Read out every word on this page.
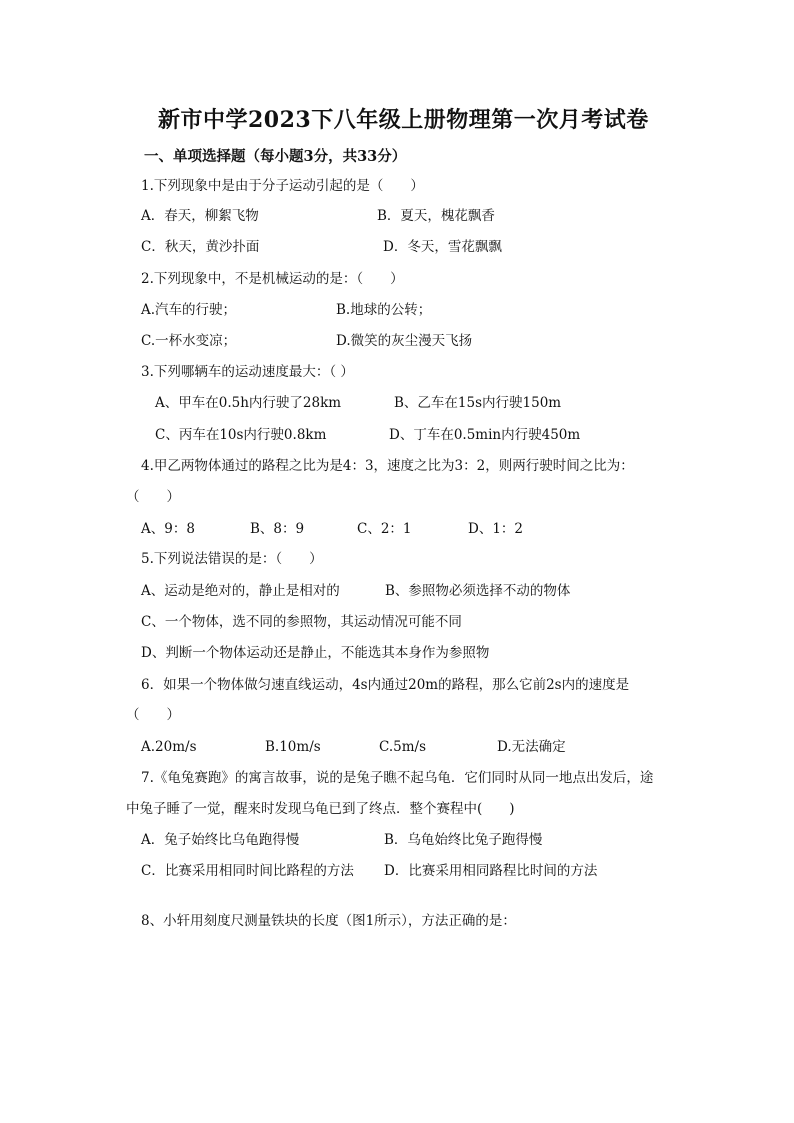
新市中学2023下八年级上册物理第一次月考试卷
一、单项选择题（每小题3分，共33分）
1.下列现象中是由于分子运动引起的是（　　）
A．春天，柳絮飞物	B．夏天，槐花飘香
C．秋天，黄沙扑面	D．冬天，雪花飘飘
2.下列现象中，不是机械运动的是：（　　）
A.汽车的行驶；	B.地球的公转；
C.一杯水变凉；	D.微笑的灰尘漫天飞扬
3.下列哪辆车的运动速度最大：（ ）
A、甲车在0.5h内行驶了28km	B、乙车在15s内行驶150m
C、丙车在10s内行驶0.8km	D、丁车在0.5min内行驶450m
4.甲乙两物体通过的路程之比为是4：3，速度之比为3：2，则两行驶时间之比为：
（　　）
A、9：8	B、8：9	C、2：1	D、1：2
5.下列说法错误的是：（　　）
A、运动是绝对的，静止是相对的	B、参照物必须选择不动的物体
C、一个物体，选不同的参照物，其运动情况可能不同
D、判断一个物体运动还是静止，不能选其本身作为参照物
6．如果一个物体做匀速直线运动，4s内通过20m的路程，那么它前2s内的速度是
（　　）
A.20m/s	B.10m/s	C.5m/s	D.无法确定
7.《龟兔赛跑》的寓言故事，说的是兔子瞧不起乌龟．它们同时从同一地点出发后，途
中兔子睡了一觉，醒来时发现乌龟已到了终点．整个赛程中(　　)
A．兔子始终比乌龟跑得慢	B．乌龟始终比兔子跑得慢
C．比赛采用相同时间比路程的方法 D．比赛采用相同路程比时间的方法
8、小轩用刻度尺测量铁块的长度（图1所示），方法正确的是：
